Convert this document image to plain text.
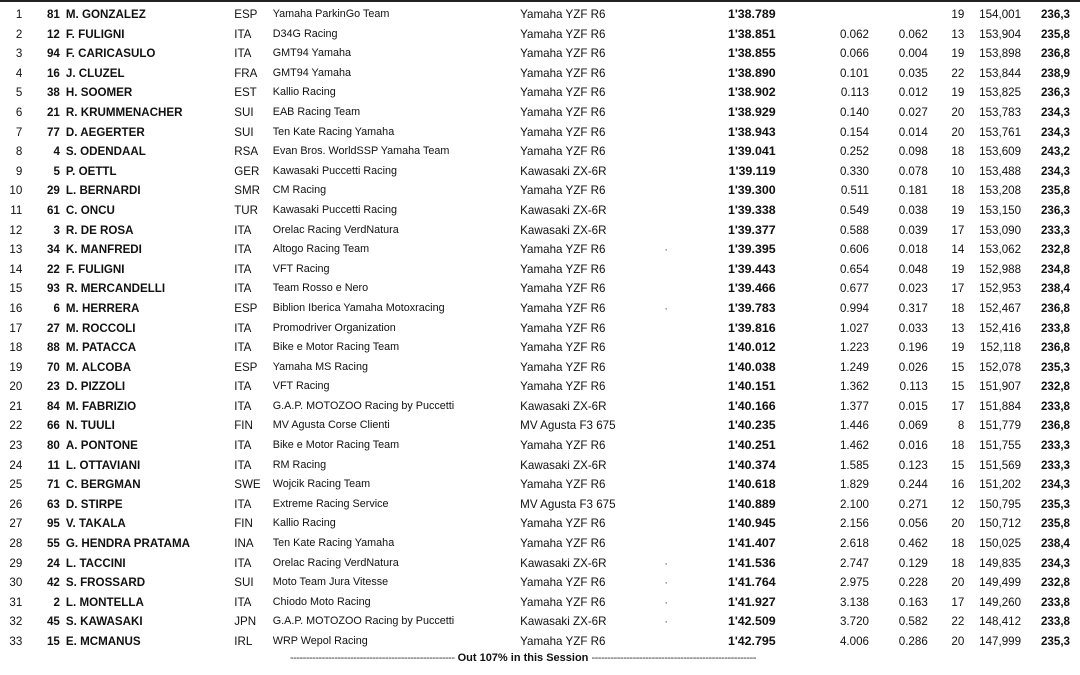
1	81	M. GONZALEZ	ESP	Yamaha ParkinGo Team	Yamaha YZF R6		1'38.789			19	154,001	236,3
2	12	F. FULIGNI	ITA	D34G Racing	Yamaha YZF R6		1'38.851	0.062	0.062	13	153,904	235,8
3	94	F. CARICASULO	ITA	GMT94 Yamaha	Yamaha YZF R6		1'38.855	0.066	0.004	19	153,898	236,8
4	16	J. CLUZEL	FRA	GMT94 Yamaha	Yamaha YZF R6		1'38.890	0.101	0.035	22	153,844	238,9
5	38	H. SOOMER	EST	Kallio Racing	Yamaha YZF R6		1'38.902	0.113	0.012	19	153,825	236,3
6	21	R. KRUMMENACHER	SUI	EAB Racing Team	Yamaha YZF R6		1'38.929	0.140	0.027	20	153,783	234,3
7	77	D. AEGERTER	SUI	Ten Kate Racing Yamaha	Yamaha YZF R6		1'38.943	0.154	0.014	20	153,761	234,3
8	4	S. ODENDAAL	RSA	Evan Bros. WorldSSP Yamaha Team	Yamaha YZF R6		1'39.041	0.252	0.098	18	153,609	243,2
9	5	P. OETTL	GER	Kawasaki Puccetti Racing	Kawasaki ZX-6R		1'39.119	0.330	0.078	10	153,488	234,3
10	29	L. BERNARDI	SMR	CM Racing	Yamaha YZF R6		1'39.300	0.511	0.181	18	153,208	235,8
11	61	C. ONCU	TUR	Kawasaki Puccetti Racing	Kawasaki ZX-6R		1'39.338	0.549	0.038	19	153,150	236,3
12	3	R. DE ROSA	ITA	Orelac Racing VerdNatura	Kawasaki ZX-6R		1'39.377	0.588	0.039	17	153,090	233,3
13	34	K. MANFREDI	ITA	Altogo Racing Team	Yamaha YZF R6	·	1'39.395	0.606	0.018	14	153,062	232,8
14	22	F. FULIGNI	ITA	VFT Racing	Yamaha YZF R6		1'39.443	0.654	0.048	19	152,988	234,8
15	93	R. MERCANDELLI	ITA	Team Rosso e Nero	Yamaha YZF R6		1'39.466	0.677	0.023	17	152,953	238,4
16	6	M. HERRERA	ESP	Biblion Iberica Yamaha Motoxracing	Yamaha YZF R6	·	1'39.783	0.994	0.317	18	152,467	236,8
17	27	M. ROCCOLI	ITA	Promodriver Organization	Yamaha YZF R6		1'39.816	1.027	0.033	13	152,416	233,8
18	88	M. PATACCA	ITA	Bike e Motor Racing Team	Yamaha YZF R6		1'40.012	1.223	0.196	19	152,118	236,8
19	70	M. ALCOBA	ESP	Yamaha MS Racing	Yamaha YZF R6		1'40.038	1.249	0.026	15	152,078	235,3
20	23	D. PIZZOLI	ITA	VFT Racing	Yamaha YZF R6		1'40.151	1.362	0.113	15	151,907	232,8
21	84	M. FABRIZIO	ITA	G.A.P. MOTOZOO Racing by Puccetti	Kawasaki ZX-6R		1'40.166	1.377	0.015	17	151,884	233,8
22	66	N. TUULI	FIN	MV Agusta Corse Clienti	MV Agusta F3 675		1'40.235	1.446	0.069	8	151,779	236,8
23	80	A. PONTONE	ITA	Bike e Motor Racing Team	Yamaha YZF R6		1'40.251	1.462	0.016	18	151,755	233,3
24	11	L. OTTAVIANI	ITA	RM Racing	Kawasaki ZX-6R		1'40.374	1.585	0.123	15	151,569	233,3
25	71	C. BERGMAN	SWE	Wojcik Racing Team	Yamaha YZF R6		1'40.618	1.829	0.244	16	151,202	234,3
26	63	D. STIRPE	ITA	Extreme Racing Service	MV Agusta F3 675		1'40.889	2.100	0.271	12	150,795	235,3
27	95	V. TAKALA	FIN	Kallio Racing	Yamaha YZF R6		1'40.945	2.156	0.056	20	150,712	235,8
28	55	G. HENDRA PRATAMA	INA	Ten Kate Racing Yamaha	Yamaha YZF R6		1'41.407	2.618	0.462	18	150,025	238,4
29	24	L. TACCINI	ITA	Orelac Racing VerdNatura	Kawasaki ZX-6R	·	1'41.536	2.747	0.129	18	149,835	234,3
30	42	S. FROSSARD	SUI	Moto Team Jura Vitesse	Yamaha YZF R6	·	1'41.764	2.975	0.228	20	149,499	232,8
31	2	L. MONTELLA	ITA	Chiodo Moto Racing	Yamaha YZF R6	·	1'41.927	3.138	0.163	17	149,260	233,8
32	45	S. KAWASAKI	JPN	G.A.P. MOTOZOO Racing by Puccetti	Kawasaki ZX-6R	·	1'42.509	3.720	0.582	22	148,412	233,8
33	15	E. MCMANUS	IRL	WRP Wepol Racing	Yamaha YZF R6		1'42.795	4.006	0.286	20	147,999	235,3
---------------------------------------------------- Out 107% in this Session ----------------------------------------------------
